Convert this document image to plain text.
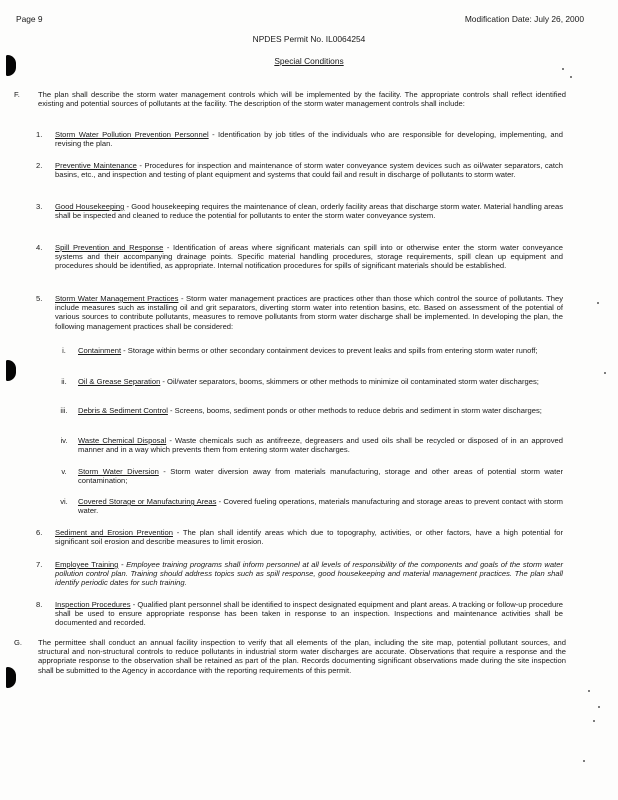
Page 9	Modification Date: July 26, 2000
NPDES Permit No. IL0064254
Special Conditions
F. The plan shall describe the storm water management controls which will be implemented by the facility. The appropriate controls shall reflect identified existing and potential sources of pollutants at the facility. The description of the storm water management controls shall include:
1. Storm Water Pollution Prevention Personnel - Identification by job titles of the individuals who are responsible for developing, implementing, and revising the plan.
2. Preventive Maintenance - Procedures for inspection and maintenance of storm water conveyance system devices such as oil/water separators, catch basins, etc., and inspection and testing of plant equipment and systems that could fail and result in discharge of pollutants to storm water.
3. Good Housekeeping - Good housekeeping requires the maintenance of clean, orderly facility areas that discharge storm water. Material handling areas shall be inspected and cleaned to reduce the potential for pollutants to enter the storm water conveyance system.
4. Spill Prevention and Response - Identification of areas where significant materials can spill into or otherwise enter the storm water conveyance systems and their accompanying drainage points. Specific material handling procedures, storage requirements, spill clean up equipment and procedures should be identified, as appropriate. Internal notification procedures for spills of significant materials should be established.
5. Storm Water Management Practices - Storm water management practices are practices other than those which control the source of pollutants. They include measures such as installing oil and grit separators, diverting storm water into retention basins, etc. Based on assessment of the potential of various sources to contribute pollutants, measures to remove pollutants from storm water discharge shall be implemented. In developing the plan, the following management practices shall be considered:
i.	Containment - Storage within berms or other secondary containment devices to prevent leaks and spills from entering storm water runoff;
ii.	Oil & Grease Separation - Oil/water separators, booms, skimmers or other methods to minimize oil contaminated storm water discharges;
iii.	Debris & Sediment Control - Screens, booms, sediment ponds or other methods to reduce debris and sediment in storm water discharges;
iv.	Waste Chemical Disposal - Waste chemicals such as antifreeze, degreasers and used oils shall be recycled or disposed of in an approved manner and in a way which prevents them from entering storm water discharges.
v.	Storm Water Diversion - Storm water diversion away from materials manufacturing, storage and other areas of potential storm water contamination;
vi.	Covered Storage or Manufacturing Areas - Covered fueling operations, materials manufacturing and storage areas to prevent contact with storm water.
6. Sediment and Erosion Prevention - The plan shall identify areas which due to topography, activities, or other factors, have a high potential for significant soil erosion and describe measures to limit erosion.
7. Employee Training - Employee training programs shall inform personnel at all levels of responsibility of the components and goals of the storm water pollution control plan. Training should address topics such as spill response, good housekeeping and material management practices. The plan shall identify periodic dates for such training.
8. Inspection Procedures - Qualified plant personnel shall be identified to inspect designated equipment and plant areas. A tracking or follow-up procedure shall be used to ensure appropriate response has been taken in response to an inspection. Inspections and maintenance activities shall be documented and recorded.
G. The permittee shall conduct an annual facility inspection to verify that all elements of the plan, including the site map, potential pollutant sources, and structural and non-structural controls to reduce pollutants in industrial storm water discharges are accurate. Observations that require a response and the appropriate response to the observation shall be retained as part of the plan. Records documenting significant observations made during the site inspection shall be submitted to the Agency in accordance with the reporting requirements of this permit.
